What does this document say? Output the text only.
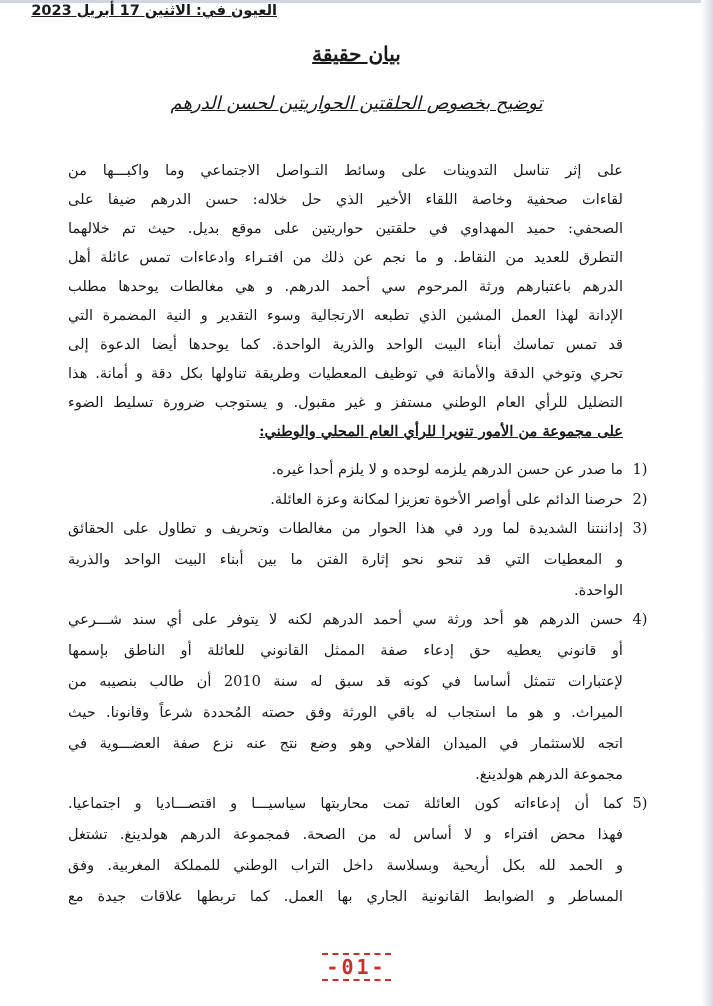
العيون في: الاثنين 17 أبريل 2023
بيان حقيقة
توضيح بخصوص الحلقتين الحواريتين لحسن الدرهم
على إثر تناسل التدوينات على وسائط التـواصل الاجتماعي وما واكبـــها من
لقاءات صحفية وخاصة اللقاء الأخير الذي حل خلاله: حسن الدرهم ضيفا على
الصحفي: حميد المهداوي في حلقتين حواريتين على موقع بديل. حيث تم خلالهما
التطرق للعديد من النقاط. و ما نجم عن ذلك من افتـراء وادعاءات تمس عائلة أهل
الدرهم باعتبارهم ورثة المرحوم سي أحمد الدرهم. و هي مغالطات يوحدها مطلب
الإدانة لهذا العمل المشين الذي تطبعه الارتجالية وسوء التقدير و النية المضمرة التي
قد تمس تماسك أبناء البيت الواحد والذرية الواحدة. كما يوحدها أيضا الدعوة إلى
تحري وتوخي الدقة والأمانة في توظيف المعطيات وطريقة تناولها بكل دقة و أمانة. هذا
التضليل للرأي العام الوطني مستفز و غير مقبول. و يستوجب ضرورة تسليط الضوء
على مجموعة من الأمور تنويرا للرأي العام المحلي والوطني:
1)
ما صدر عن حسن الدرهم يلزمه لوحده و لا يلزم أحدا غيره.
2)
حرصنا الدائم على أواصر الأخوة تعزيزا لمكانة وعزة العائلة.
3)
إداننتنا الشديدة لما ورد في هذا الحوار من مغالطات وتحريف و تطاول على الحقائق
و المعطيات التي قد تنحو نحو إثارة الفتن ما بين أبناء البيت الواحد والذرية
الواحدة.
4)
حسن الدرهم هو أحد ورثة سي أحمد الدرهم لكنه لا يتوفر على أي سند شـــرعي
أو قانوني يعطيه حق إدعاء صفة الممثل القانوني للعائلة أو الناطق بإسمها
لإعتبارات تتمثل أساسا في كونه قد سبق له سنة 2010 أن طالب بنصيبه من
الميراث. و هو ما استجاب له باقي الورثة وفق حصته المُحددة شرعاً وقانونا. حيث
اتجه للاستثمار في الميدان الفلاحي وهو وضع نتج عنه نزع صفة العضـــوية في
مجموعة الدرهم هولدينغ.
5)
كما أن إدعاءاته كون العائلة تمت محاربتها سياسيـــا و اقتصـــاديا و اجتماعيا.
فهذا محض افتراء و لا أساس له من الصحة. فمجموعة الدرهم هولدينغ. تشتغل
و الحمد لله بكل أريحية وبسلاسة داخل التراب الوطني للمملكة المغربية. وفق
المساطر و الضوابط القانونية الجاري بها العمل. كما تربطها علاقات جيدة مع
-01-
